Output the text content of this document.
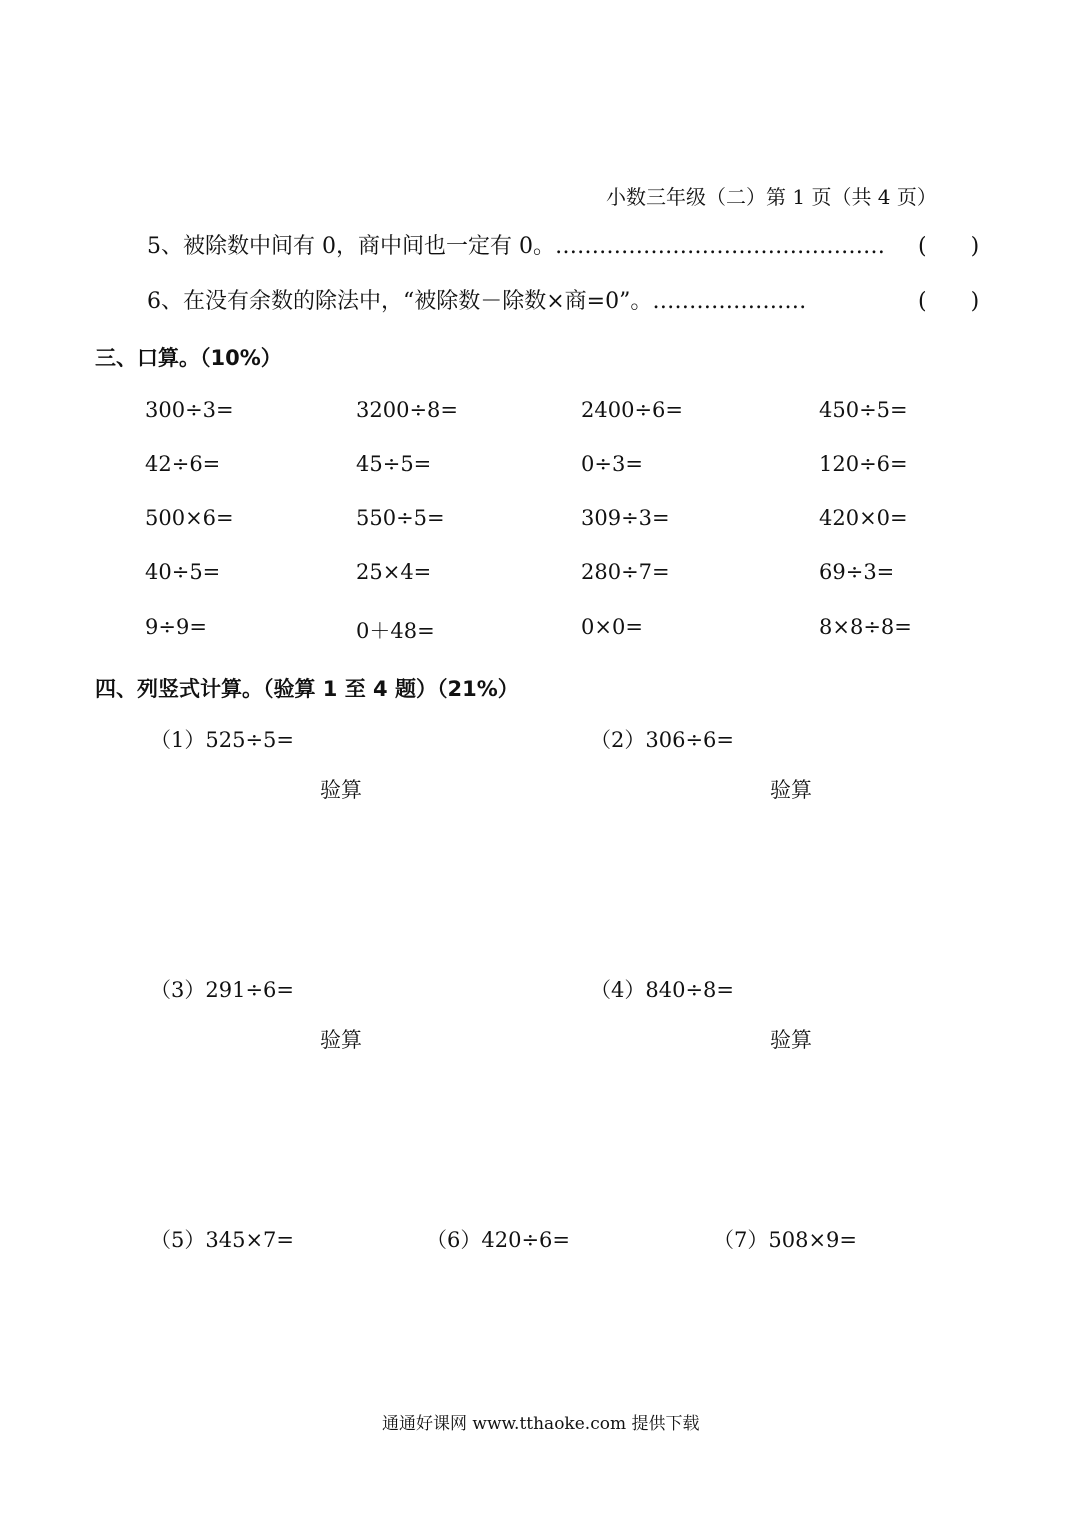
小数三年级（二）第 1 页（共 4 页）
5、被除数中间有 0，商中间也一定有 0。……………………………………… (　　)
6、在没有余数的除法中，“被除数－除数×商=0”。…………………	(　　)
三、口算。（10%）
300÷3=	3200÷8=	2400÷6=	450÷5=
42÷6=	45÷5=	0÷3=	120÷6=
500×6=	550÷5=	309÷3=	420×0=
40÷5=	25×4=	280÷7=	69÷3=
9÷9=	0＋48=	0×0=	8×8÷8=
四、列竖式计算。（验算 1 至 4 题）（21%）
（1）525÷5=	（2）306÷6=
验算	验算
（3）291÷6=	（4）840÷8=
验算	验算
（5）345×7=	（6）420÷6=	（7）508×9=
通通好课网 www.tthaoke.com 提供下载
